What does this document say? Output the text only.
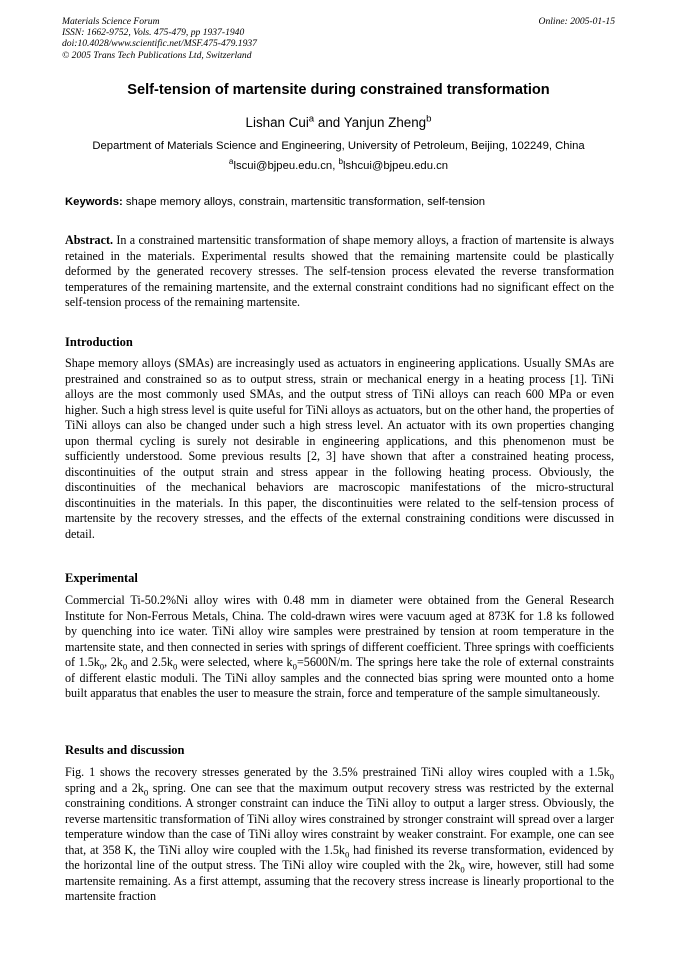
Materials Science Forum	Online: 2005-01-15
ISSN: 1662-9752, Vols. 475-479, pp 1937-1940
doi:10.4028/www.scientific.net/MSF.475-479.1937
© 2005 Trans Tech Publications Ltd, Switzerland
Self-tension of martensite during constrained transformation
Lishan Cui$^a$ and Yanjun Zheng$^b$
Department of Materials Science and Engineering, University of Petroleum, Beijing, 102249, China
$^a$lscui@bjpeu.edu.cn, $^b$lshcui@bjpeu.edu.cn
Keywords: shape memory alloys, constrain, martensitic transformation, self-tension
Abstract. In a constrained martensitic transformation of shape memory alloys, a fraction of martensite is always retained in the materials. Experimental results showed that the remaining martensite could be plastically deformed by the generated recovery stresses. The self-tension process elevated the reverse transformation temperatures of the remaining martensite, and the external constraint conditions had no significant effect on the self-tension process of the remaining martensite.
Introduction
Shape memory alloys (SMAs) are increasingly used as actuators in engineering applications. Usually SMAs are prestrained and constrained so as to output stress, strain or mechanical energy in a heating process [1]. TiNi alloys are the most commonly used SMAs, and the output stress of TiNi alloys can reach 600 MPa or even higher. Such a high stress level is quite useful for TiNi alloys as actuators, but on the other hand, the properties of TiNi alloys can also be changed under such a high stress level. An actuator with its own properties changing upon thermal cycling is surely not desirable in engineering applications, and this phenomenon must be sufficiently understood. Some previous results [2, 3] have shown that after a constrained heating process, discontinuities of the output strain and stress appear in the following heating process. Obviously, the discontinuities of the mechanical behaviors are macroscopic manifestations of the micro-structural discontinuities in the materials. In this paper, the discontinuities were related to the self-tension process of martensite by the recovery stresses, and the effects of the external constraining conditions were discussed in detail.
Experimental
Commercial Ti-50.2%Ni alloy wires with 0.48 mm in diameter were obtained from the General Research Institute for Non-Ferrous Metals, China. The cold-drawn wires were vacuum aged at 873K for 1.8 ks followed by quenching into ice water. TiNi alloy wire samples were prestrained by tension at room temperature in the martensite state, and then connected in series with springs of different coefficient. Three springs with coefficients of $1.5k_0$, $2k_0$ and $2.5k_0$ were selected, where $k_0=5600N/m$. The springs here take the role of external constraints of different elastic moduli. The TiNi alloy samples and the connected bias spring were mounted onto a home built apparatus that enables the user to measure the strain, force and temperature of the sample simultaneously.
Results and discussion
Fig. 1 shows the recovery stresses generated by the 3.5% prestrained TiNi alloy wires coupled with a $1.5k_0$ spring and a $2k_0$ spring. One can see that the maximum output recovery stress was restricted by the external constraining conditions. A stronger constraint can induce the TiNi alloy to output a larger stress. Obviously, the reverse martensitic transformation of TiNi alloy wires constrained by stronger constraint will spread over a larger temperature window than the case of TiNi alloy wires constraint by weaker constraint. For example, one can see that, at 358 K, the TiNi alloy wire coupled with the $1.5k_0$ had finished its reverse transformation, evidenced by the horizontal line of the output stress. The TiNi alloy wire coupled with the $2k_0$ wire, however, still had some martensite remaining. As a first attempt, assuming that the recovery stress increase is linearly proportional to the martensite fraction
